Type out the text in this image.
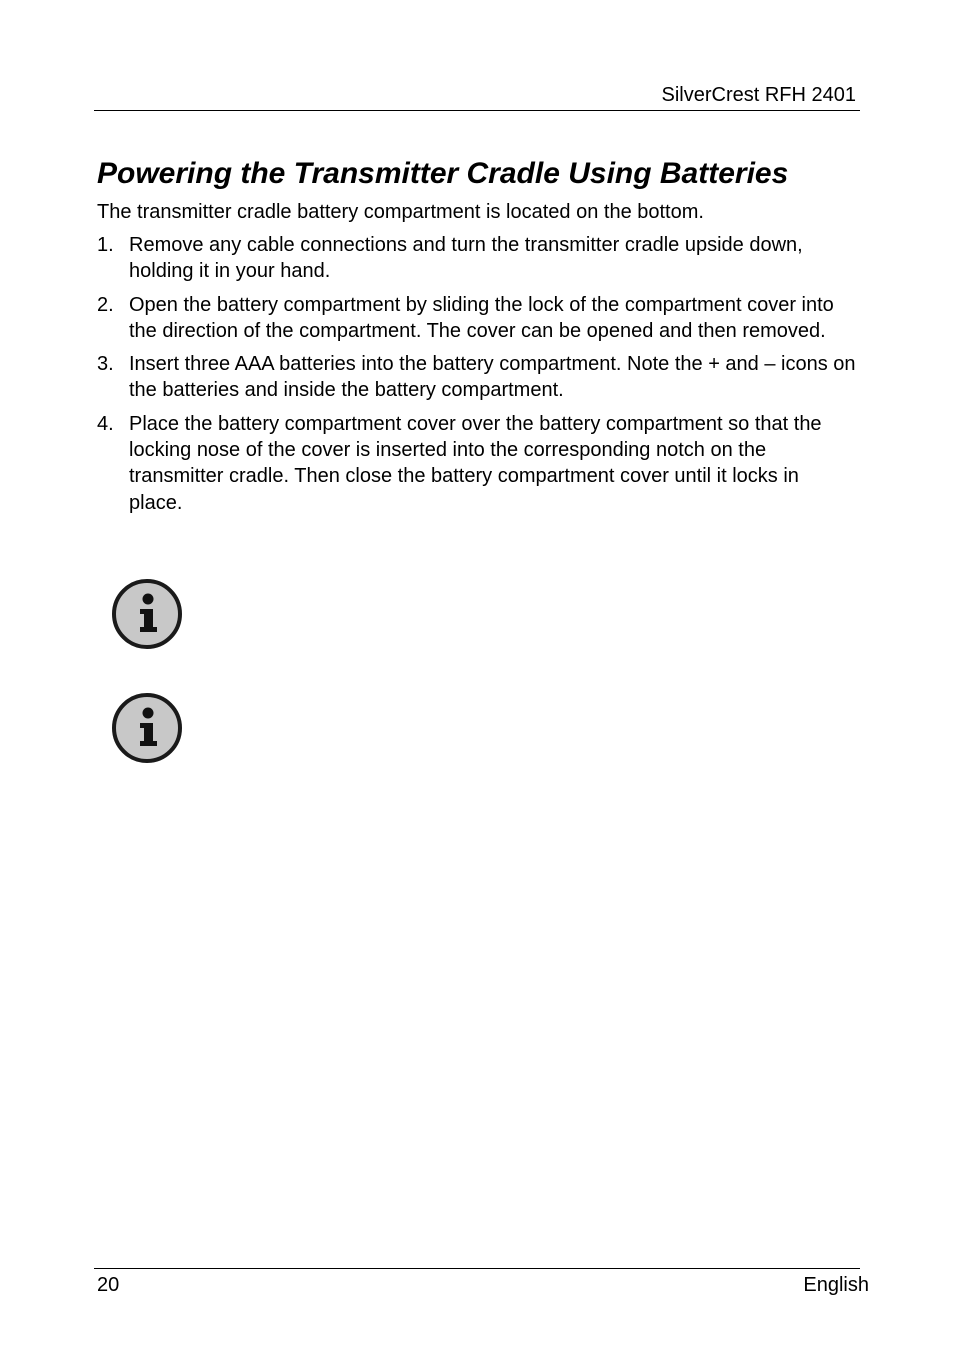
SilverCrest RFH 2401
Powering the Transmitter Cradle Using Batteries

The transmitter cradle battery compartment is located on the bottom.

1. Remove any cable connections and turn the transmitter cradle upside down, holding it in your hand.
2. Open the battery compartment by sliding the lock of the compartment cover into the direction of the compartment. The cover can be opened and then removed.
3. Insert three AAA batteries into the battery compartment. Note the + and – icons on the batteries and inside the battery compartment.
4. Place the battery compartment cover over the battery compartment so that the locking nose of the cover is inserted into the corresponding notch on the transmitter cradle. Then close the battery compartment cover until it locks in place.
20	English
